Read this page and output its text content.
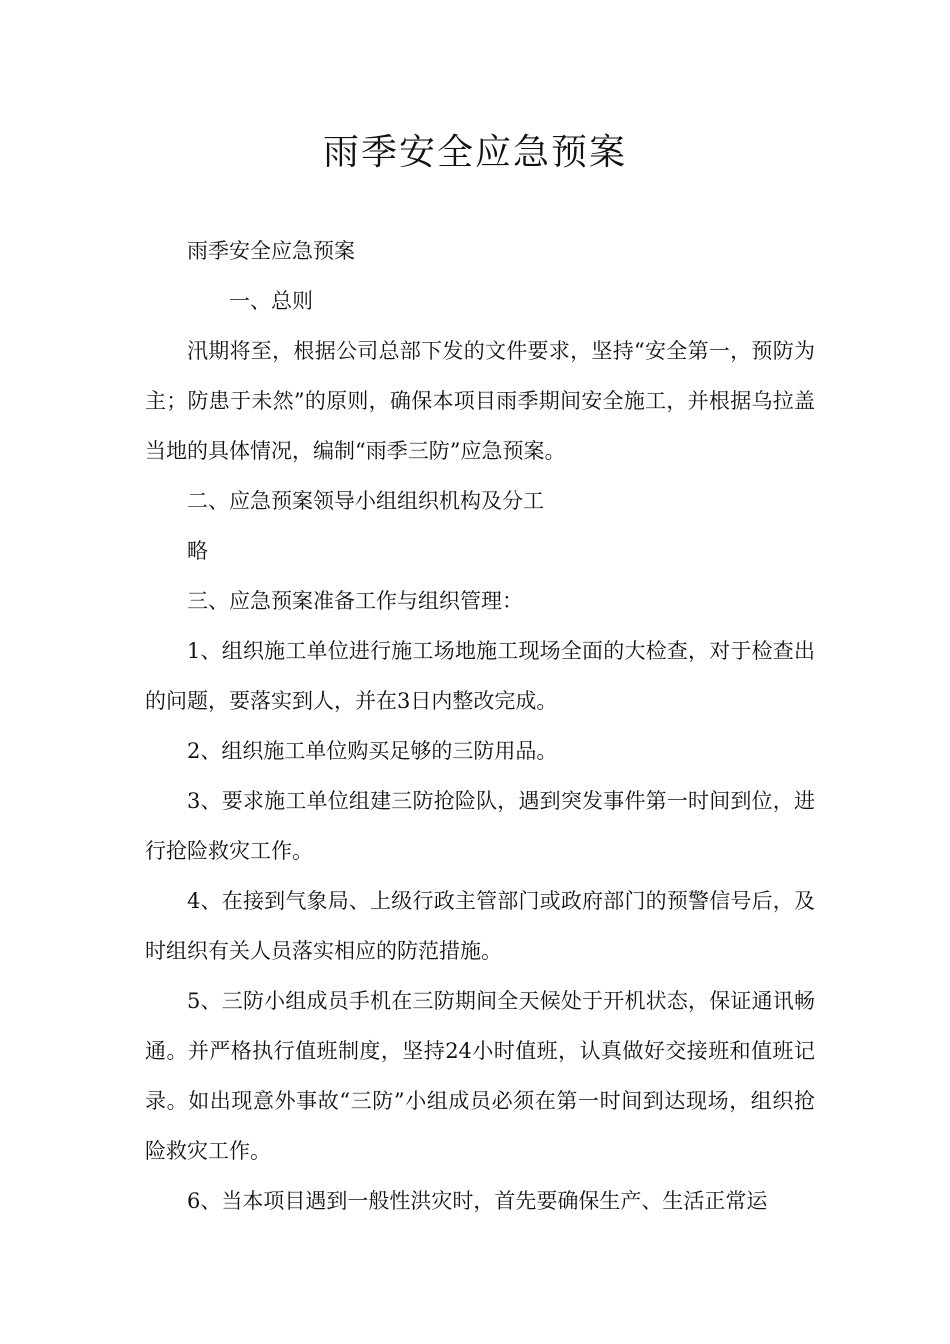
雨季安全应急预案

雨季安全应急预案

一、总则

汛期将至，根据公司总部下发的文件要求，坚持“安全第一，预防为主；防患于未然”的原则，确保本项目雨季期间安全施工，并根据乌拉盖当地的具体情况，编制“雨季三防”应急预案。

二、应急预案领导小组组织机构及分工

略

三、应急预案准备工作与组织管理：

1、组织施工单位进行施工场地施工现场全面的大检查，对于检查出的问题，要落实到人，并在3日内整改完成。

2、组织施工单位购买足够的三防用品。

3、要求施工单位组建三防抢险队，遇到突发事件第一时间到位，进行抢险救灾工作。

4、在接到气象局、上级行政主管部门或政府部门的预警信号后，及时组织有关人员落实相应的防范措施。

5、三防小组成员手机在三防期间全天候处于开机状态，保证通讯畅通。并严格执行值班制度，坚持24小时值班，认真做好交接班和值班记录。如出现意外事故“三防”小组成员必须在第一时间到达现场，组织抢险救灾工作。

6、当本项目遇到一般性洪灾时，首先要确保生产、生活正常运
